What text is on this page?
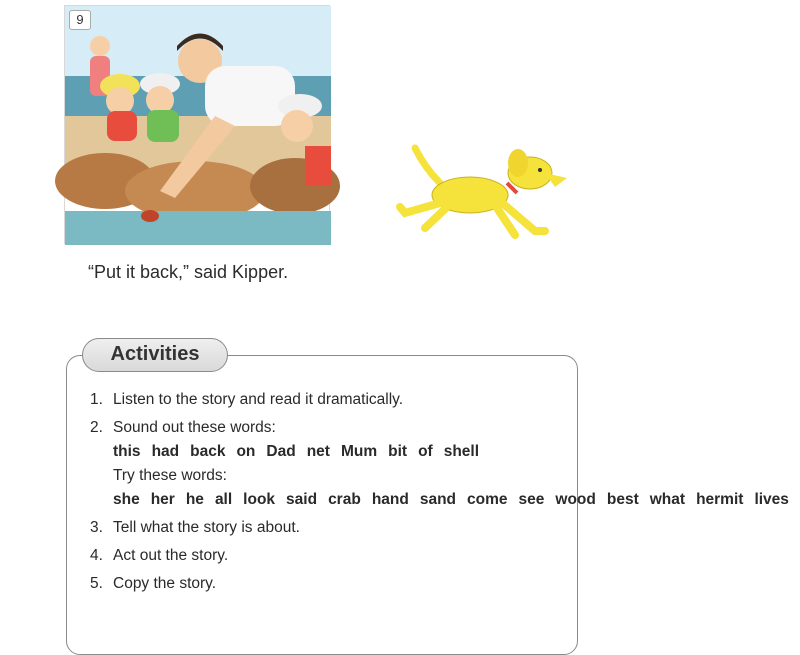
9
“Put it back,” said Kipper.
Activities
1. Listen to the story and read it dramatically.
2. Sound out these words: this had back on Dad net Mum bit of shell
Try these words: she her he all look said crab hand sand come see wood best what hermit lives
3. Tell what the story is about.
4. Act out the story.
5. Copy the story.
